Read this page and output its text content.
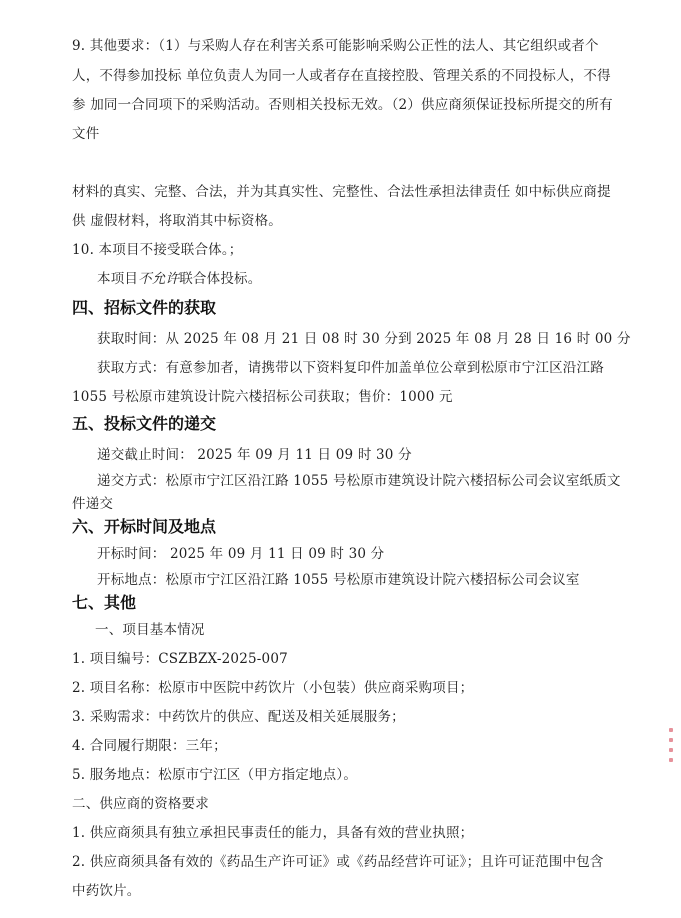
9. 其他要求：（1）与采购人存在利害关系可能影响采购公正性的法人、其它组织或者个
人，不得参加投标 单位负责人为同一人或者存在直接控股、管理关系的不同投标人，不得
参 加同一合同项下的采购活动。否则相关投标无效。（2）供应商须保证投标所提交的所有
文件
材料的真实、完整、合法，并为其真实性、完整性、合法性承担法律责任 如中标供应商提
供 虚假材料，将取消其中标资格。
10. 本项目不接受联合体。；
本项目不允许联合体投标。
四、招标文件的获取
获取时间：从 2025 年 08 月 21 日 08 时 30 分到 2025 年 08 月 28 日 16 时 00 分
获取方式：有意参加者，请携带以下资料复印件加盖单位公章到松原市宁江区沿江路
1055 号松原市建筑设计院六楼招标公司获取；售价：1000 元
五、投标文件的递交
递交截止时间： 2025 年 09 月 11 日 09 时 30 分
递交方式：松原市宁江区沿江路 1055 号松原市建筑设计院六楼招标公司会议室纸质文
件递交
六、开标时间及地点
开标时间： 2025 年 09 月 11 日 09 时 30 分
开标地点：松原市宁江区沿江路 1055 号松原市建筑设计院六楼招标公司会议室
七、其他
一、项目基本情况
1. 项目编号：CSZBZX-2025-007
2. 项目名称：松原市中医院中药饮片（小包装）供应商采购项目；
3. 采购需求：中药饮片的供应、配送及相关延展服务；
4. 合同履行期限：三年；
5. 服务地点：松原市宁江区（甲方指定地点）。
二、供应商的资格要求
1. 供应商须具有独立承担民事责任的能力，具备有效的营业执照；
2. 供应商须具备有效的《药品生产许可证》或《药品经营许可证》；且许可证范围中包含
中药饮片。
